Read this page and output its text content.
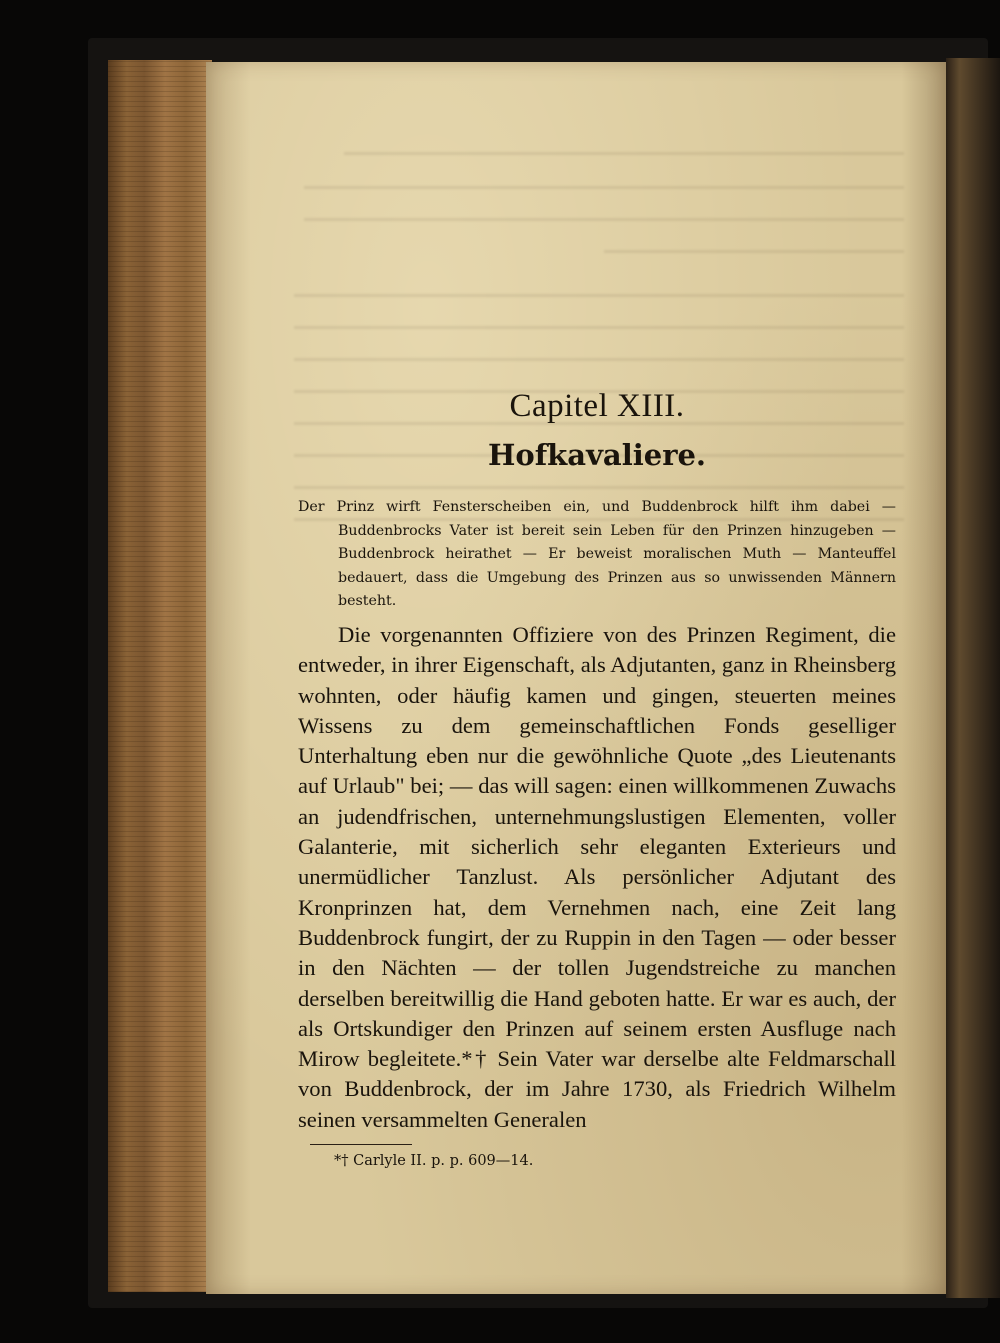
Capitel XIII.
Hofkavaliere.
Der Prinz wirft Fensterscheiben ein, und Buddenbrock hilft ihm dabei — Buddenbrocks Vater ist bereit sein Leben für den Prinzen hinzugeben — Buddenbrock heirathet — Er beweist moralischen Muth — Manteuffel bedauert, dass die Umgebung des Prinzen aus so unwissenden Männern besteht.

Die vorgenannten Offiziere von des Prinzen Regiment, die entweder, in ihrer Eigenschaft, als Adjutanten, ganz in Rheinsberg wohnten, oder häufig kamen und gingen, steuerten meines Wissens zu dem gemeinschaftlichen Fonds geselliger Unterhaltung eben nur die gewöhnliche Quote „des Lieutenants auf Urlaub" bei; — das will sagen: einen willkommenen Zuwachs an judendfrischen, unternehmungslustigen Elementen, voller Galanterie, mit sicherlich sehr eleganten Exterieurs und unermüdlicher Tanzlust. Als persönlicher Adjutant des Kronprinzen hat, dem Vernehmen nach, eine Zeit lang Buddenbrock fungirt, der zu Ruppin in den Tagen — oder besser in den Nächten — der tollen Jugendstreiche zu manchen derselben bereitwillig die Hand geboten hatte. Er war es auch, der als Ortskundiger den Prinzen auf seinem ersten Ausfluge nach Mirow begleitete.*† Sein Vater war derselbe alte Feldmarschall von Buddenbrock, der im Jahre 1730, als Friedrich Wilhelm seinen versammelten Generalen

*† Carlyle II. p. p. 609—14.
